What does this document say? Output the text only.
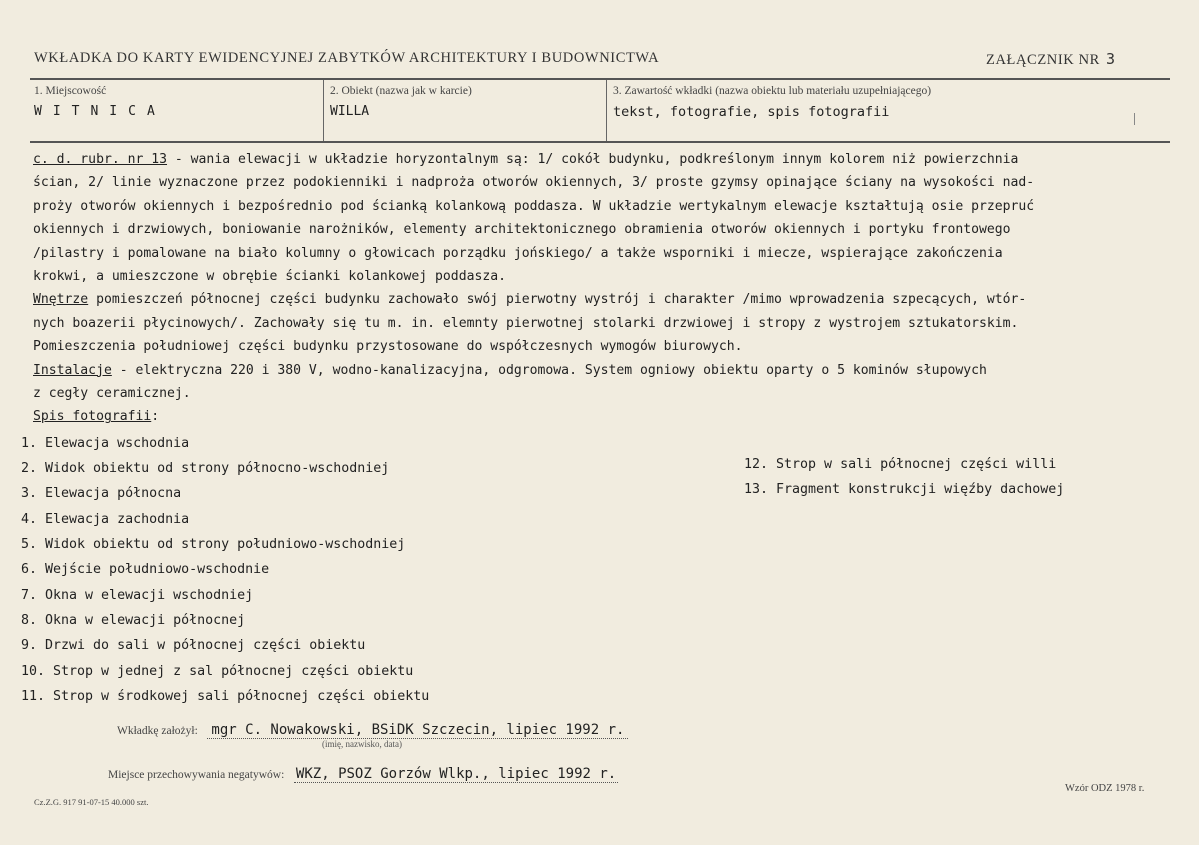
WKŁADKA DO KARTY EWIDENCYJNEJ ZABYTKÓW ARCHITEKTURY I BUDOWNICTWA	ZAŁĄCZNIK NR 3
1. Miejscowość
WITNICA
2. Obiekt (nazwa jak w karcie)
WILLA
3. Zawartość wkładki (nazwa obiektu lub materiału uzupełniającego)
tekst, fotografie, spis fotografii
c. d. rubr. nr 13 - wania elewacji w układzie horyzontalnym są: 1/ cokół budynku, podkreślonym innym kolorem niż powierzchnia
ścian, 2/ linie wyznaczone przez podokienniki i nadproża otworów okiennych, 3/ proste gzymsy opinające ściany na wysokości nad-
proży otworów okiennych i bezpośrednio pod ścianką kolankową poddasza. W układzie wertykalnym elewacje kształtują osie przepruć
okiennych i drzwiowych, boniowanie narożników, elementy architektonicznego obramienia otworów okiennych i portyku frontowego
/pilastry i pomalowane na biało kolumny o głowicach porządku jońskiego/ a także wsporniki i miecze, wspierające zakończenia
krokwi, a umieszczone w obrębie ścianki kolankowej poddasza.
Wnętrze pomieszczeń północnej części budynku zachowało swój pierwotny wystrój i charakter /mimo wprowadzenia szpecących, wtór-
nych boazerii płycinowych/. Zachowały się tu m. in. elemnty pierwotnej stolarki drzwiowej i stropy z wystrojem sztukatorskim.
Pomieszczenia południowej części budynku przystosowane do współczesnych wymogów biurowych.
Instalacje - elektryczna 220 i 380 V, wodno-kanalizacyjna, odgromowa. System ogniowy obiektu oparty o 5 kominów słupowych
z cegły ceramicznej.
Spis fotografii:
1. Elewacja wschodnia
2. Widok obiektu od strony północno-wschodniej
3. Elewacja północna
4. Elewacja zachodnia
5. Widok obiektu od strony południowo-wschodniej
6. Wejście południowo-wschodnie
7. Okna w elewacji wschodniej
8. Okna w elewacji północnej
9. Drzwi do sali w północnej części obiektu
10. Strop w jednej z sal północnej części obiektu
11. Strop w środkowej sali północnej części obiektu
12. Strop w sali północnej części willi
13. Fragment konstrukcji więźby dachowej
Wkładkę założył: mgr C. Nowakowski, BSiDK Szczecin, lipiec 1992 r.
(imię, nazwisko, data)
Miejsce przechowywania negatywów: WKZ, PSOZ Gorzów Wlkp., lipiec 1992 r.
Wzór ODZ 1978 r.
Cz.Z.G. 917 91-07-15 40.000 szt.
